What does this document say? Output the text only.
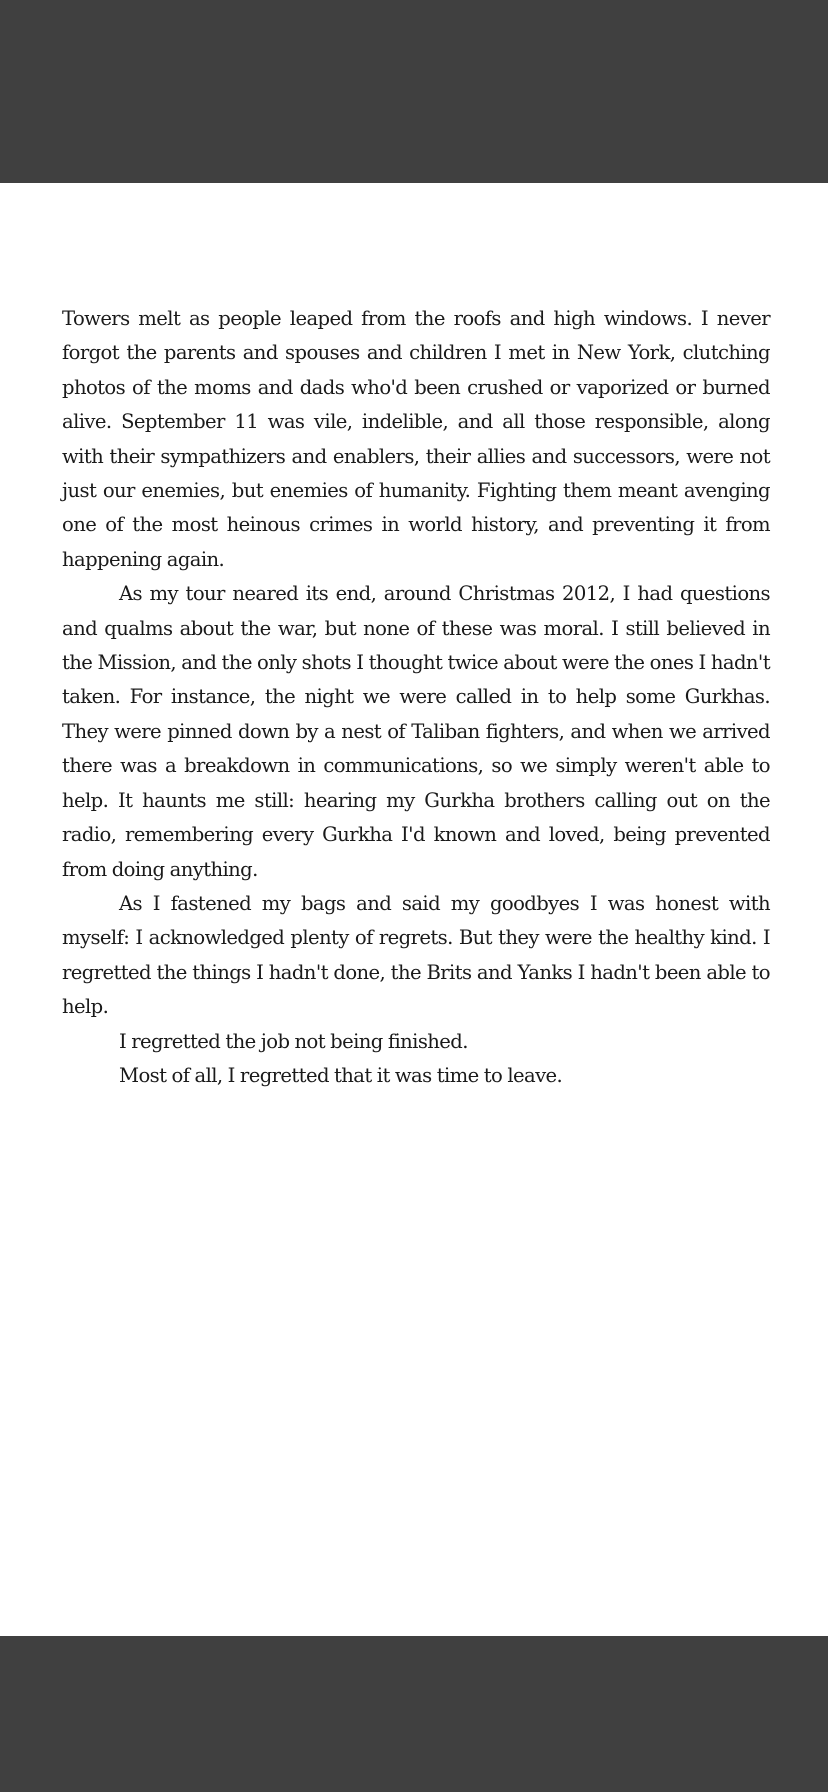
Towers melt as people leaped from the roofs and high windows. I never forgot the parents and spouses and children I met in New York, clutching photos of the moms and dads who'd been crushed or vaporized or burned alive. September 11 was vile, indelible, and all those responsible, along with their sympathizers and enablers, their allies and successors, were not just our enemies, but enemies of humanity. Fighting them meant avenging one of the most heinous crimes in world history, and preventing it from happening again.

As my tour neared its end, around Christmas 2012, I had questions and qualms about the war, but none of these was moral. I still believed in the Mission, and the only shots I thought twice about were the ones I hadn't taken. For instance, the night we were called in to help some Gurkhas. They were pinned down by a nest of Taliban fighters, and when we arrived there was a breakdown in communications, so we simply weren't able to help. It haunts me still: hearing my Gurkha brothers calling out on the radio, remembering every Gurkha I'd known and loved, being prevented from doing anything.

As I fastened my bags and said my goodbyes I was honest with myself: I acknowledged plenty of regrets. But they were the healthy kind. I regretted the things I hadn't done, the Brits and Yanks I hadn't been able to help.

I regretted the job not being finished.

Most of all, I regretted that it was time to leave.
